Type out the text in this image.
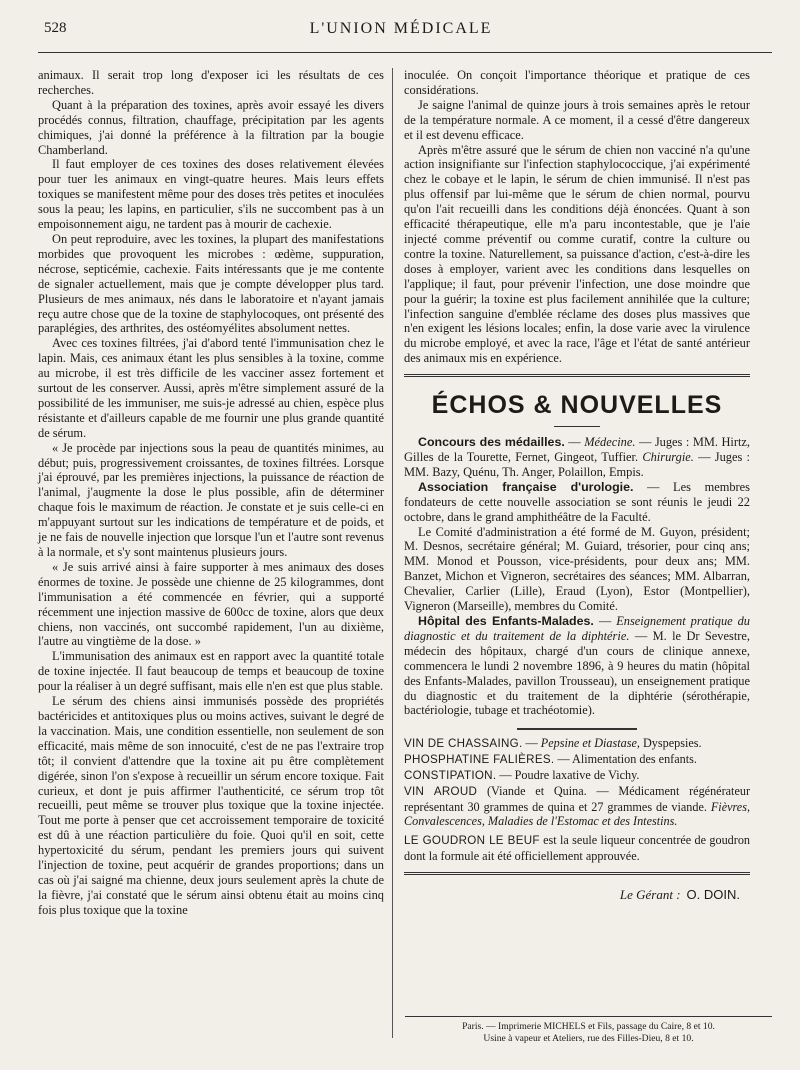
528	L'UNION MÉDICALE

animaux. Il serait trop long d'exposer ici les résultats de ces recherches.

Quant à la préparation des toxines, après avoir essayé les divers procédés connus, filtration, chauffage, précipitation par les agents chimiques, j'ai donné la préférence à la filtration par la bougie Chamberland.

Il faut employer de ces toxines des doses relativement élevées pour tuer les animaux en vingt-quatre heures. Mais leurs effets toxiques se manifestent même pour des doses très petites et inoculées sous la peau; les lapins, en particulier, s'ils ne succombent pas à un empoisonnement aigu, ne tardent pas à mourir de cachexie.

On peut reproduire, avec les toxines, la plupart des manifestations morbides que provoquent les microbes : œdème, suppuration, nécrose, septicémie, cachexie. Faits intéressants que je me contente de signaler actuellement, mais que je compte développer plus tard. Plusieurs de mes animaux, nés dans le laboratoire et n'ayant jamais reçu autre chose que de la toxine de staphylocoques, ont présenté des paraplégies, des arthrites, des ostéomyélites absolument nettes.

Avec ces toxines filtrées, j'ai d'abord tenté l'immunisation chez le lapin. Mais, ces animaux étant les plus sensibles à la toxine, comme au microbe, il est très difficile de les vacciner assez fortement et surtout de les conserver. Aussi, après m'être simplement assuré de la possibilité de les immuniser, me suis-je adressé au chien, espèce plus résistante et d'ailleurs capable de me fournir une plus grande quantité de sérum.

« Je procède par injections sous la peau de quantités minimes, au début; puis, progressivement croissantes, de toxines filtrées. Lorsque j'ai éprouvé, par les premières injections, la puissance de réaction de l'animal, j'augmente la dose le plus possible, afin de déterminer chaque fois le maximum de réaction. Je constate et je suis celle-ci en m'appuyant surtout sur les indications de température et de poids, et je ne fais de nouvelle injection que lorsque l'un et l'autre sont revenus à la normale, et s'y sont maintenus plusieurs jours.

« Je suis arrivé ainsi à faire supporter à mes animaux des doses énormes de toxine. Je possède une chienne de 25 kilogrammes, dont l'immunisation a été commencée en février, qui a supporté récemment une injection massive de 600cc de toxine, alors que deux chiens, non vaccinés, ont succombé rapidement, l'un au dixième, l'autre au vingtième de la dose. »

L'immunisation des animaux est en rapport avec la quantité totale de toxine injectée. Il faut beaucoup de temps et beaucoup de toxine pour la réaliser à un degré suffisant, mais elle n'en est que plus stable.

Le sérum des chiens ainsi immunisés possède des propriétés bactéricides et antitoxiques plus ou moins actives, suivant le degré de la vaccination. Mais, une condition essentielle, non seulement de son efficacité, mais même de son innocuité, c'est de ne pas l'extraire trop tôt; il convient d'attendre que la toxine ait pu être complètement digérée, sinon l'on s'expose à recueillir un sérum encore toxique. Fait curieux, et dont je puis affirmer l'authenticité, ce sérum trop tôt recueilli, peut même se trouver plus toxique que la toxine injectée. Tout me porte à penser que cet accroissement temporaire de toxicité est dû à une réaction particulière du foie. Quoi qu'il en soit, cette hypertoxicité du sérum, pendant les premiers jours qui suivent l'injection de toxine, peut acquérir de grandes proportions; dans un cas où j'ai saigné ma chienne, deux jours seulement après la chute de la fièvre, j'ai constaté que le sérum ainsi obtenu était au moins cinq fois plus toxique que la toxine

inoculée. On conçoit l'importance théorique et pratique de ces considérations.

Je saigne l'animal de quinze jours à trois semaines après le retour de la température normale. A ce moment, il a cessé d'être dangereux et il est devenu efficace.

Après m'être assuré que le sérum de chien non vacciné n'a qu'une action insignifiante sur l'infection staphylococcique, j'ai expérimenté chez le cobaye et le lapin, le sérum de chien immunisé. Il n'est pas plus offensif par lui-même que le sérum de chien normal, pourvu qu'on l'ait recueilli dans les conditions déjà énoncées. Quant à son efficacité thérapeutique, elle m'a paru incontestable, que je l'aie injecté comme préventif ou comme curatif, contre la culture ou contre la toxine. Naturellement, sa puissance d'action, c'est-à-dire les doses à employer, varient avec les conditions dans lesquelles on l'applique; il faut, pour prévenir l'infection, une dose moindre que pour la guérir; la toxine est plus facilement annihilée que la culture; l'infection sanguine d'emblée réclame des doses plus massives que n'en exigent les lésions locales; enfin, la dose varie avec la virulence du microbe employé, et avec la race, l'âge et l'état de santé antérieur des animaux mis en expérience.

ÉCHOS & NOUVELLES

Concours des médailles. — Médecine. — Juges : MM. Hirtz, Gilles de la Tourette, Fernet, Gingeot, Tuffier. Chirurgie. — Juges : MM. Bazy, Quénu, Th. Anger, Polaillon, Empis.

Association française d'urologie. — Les membres fondateurs de cette nouvelle association se sont réunis le jeudi 22 octobre, dans le grand amphithéâtre de la Faculté.

Le Comité d'administration a été formé de M. Guyon, président; M. Desnos, secrétaire général; M. Guiard, trésorier, pour cinq ans; MM. Monod et Pousson, vice-présidents, pour deux ans; MM. Banzet, Michon et Vigneron, secrétaires des séances; MM. Albarran, Chevalier, Carlier (Lille), Eraud (Lyon), Estor (Montpellier), Vigneron (Marseille), membres du Comité.

Hôpital des Enfants-Malades. — Enseignement pratique du diagnostic et du traitement de la diphtérie. — M. le Dr Sevestre, médecin des hôpitaux, chargé d'un cours de clinique annexe, commencera le lundi 2 novembre 1896, à 9 heures du matin (hôpital des Enfants-Malades, pavillon Trousseau), un enseignement pratique du diagnostic et du traitement de la diphtérie (sérothérapie, bactériologie, tubage et trachéotomie).

VIN DE CHASSAING. — Pepsine et Diastase, Dyspepsies.

PHOSPHATINE FALIÈRES. — Alimentation des enfants.

CONSTIPATION. — Poudre laxative de Vichy.

VIN AROUD (Viande et Quina. — Médicament régénérateur représentant 30 grammes de quina et 27 grammes de viande. Fièvres, Convalescences, Maladies de l'Estomac et des Intestins.

LE GOUDRON LE BEUF est la seule liqueur concentrée de goudron dont la formule ait été officiellement approuvée.

Le Gérant : O. DOIN.
Paris. — Imprimerie MICHELS et Fils, passage du Caire, 8 et 10.
Usine à vapeur et Ateliers, rue des Filles-Dieu, 8 et 10.
